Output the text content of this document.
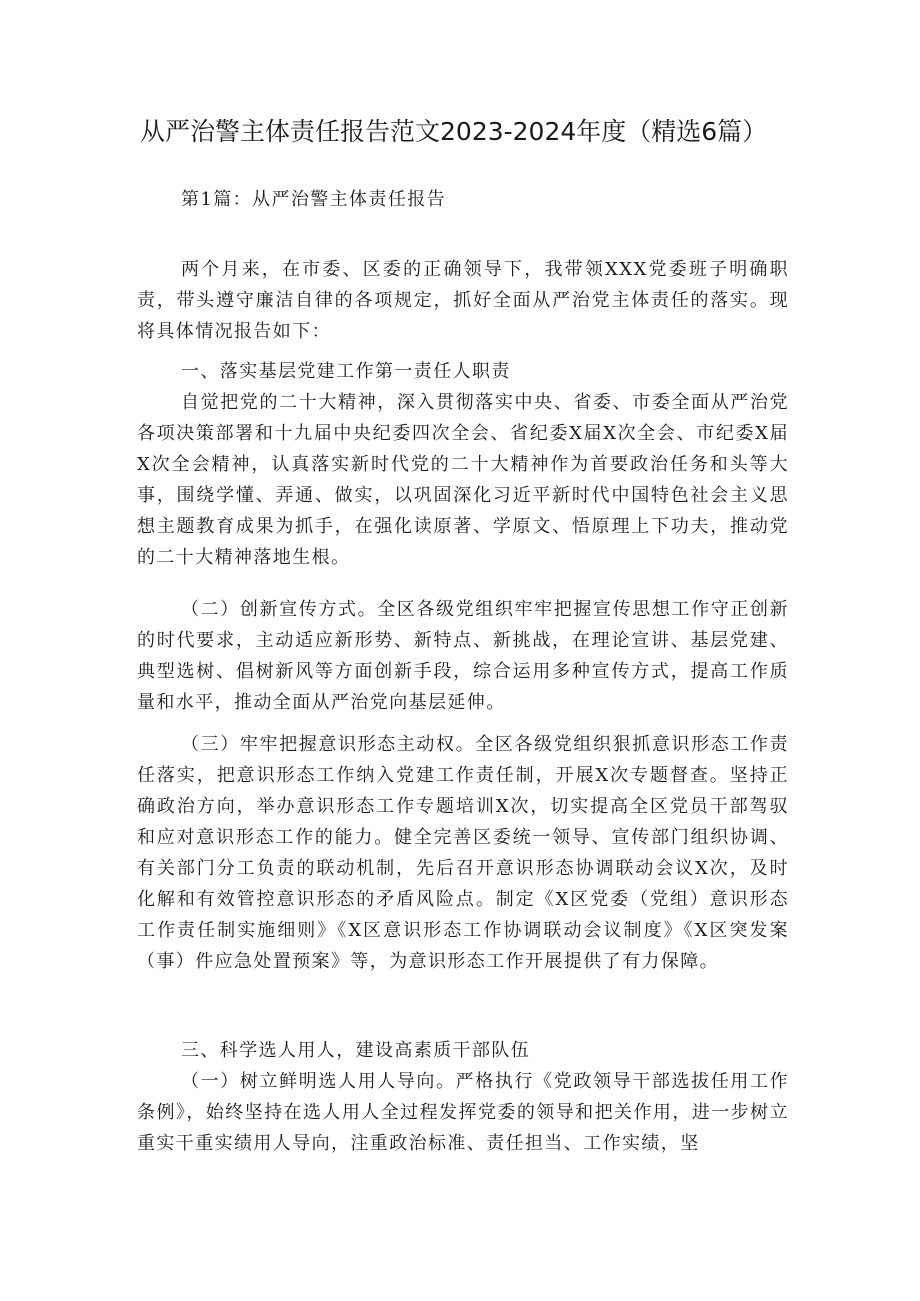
从严治警主体责任报告范文2023-2024年度（精选6篇）

第1篇：从严治警主体责任报告

两个月来，在市委、区委的正确领导下，我带领XXX党委班子明确职责，带头遵守廉洁自律的各项规定，抓好全面从严治党主体责任的落实。现将具体情况报告如下：

一、落实基层党建工作第一责任人职责

自觉把党的二十大精神，深入贯彻落实中央、省委、市委全面从严治党各项决策部署和十九届中央纪委四次全会、省纪委X届X次全会、市纪委X届X次全会精神，认真落实新时代党的二十大精神作为首要政治任务和头等大事，围绕学懂、弄通、做实，以巩固深化习近平新时代中国特色社会主义思想主题教育成果为抓手，在强化读原著、学原文、悟原理上下功夫，推动党的二十大精神落地生根。

（二）创新宣传方式。全区各级党组织牢牢把握宣传思想工作守正创新的时代要求，主动适应新形势、新特点、新挑战，在理论宣讲、基层党建、典型选树、倡树新风等方面创新手段，综合运用多种宣传方式，提高工作质量和水平，推动全面从严治党向基层延伸。

（三）牢牢把握意识形态主动权。全区各级党组织狠抓意识形态工作责任落实，把意识形态工作纳入党建工作责任制，开展X次专题督查。坚持正确政治方向，举办意识形态工作专题培训X次，切实提高全区党员干部驾驭和应对意识形态工作的能力。健全完善区委统一领导、宣传部门组织协调、有关部门分工负责的联动机制，先后召开意识形态协调联动会议X次，及时化解和有效管控意识形态的矛盾风险点。制定《X区党委（党组）意识形态工作责任制实施细则》《X区意识形态工作协调联动会议制度》《X区突发案（事）件应急处置预案》等，为意识形态工作开展提供了有力保障。

三、科学选人用人，建设高素质干部队伍

（一）树立鲜明选人用人导向。严格执行《党政领导干部选拔任用工作条例》，始终坚持在选人用人全过程发挥党委的领导和把关作用，进一步树立重实干重实绩用人导向，注重政治标准、责任担当、工作实绩，坚
